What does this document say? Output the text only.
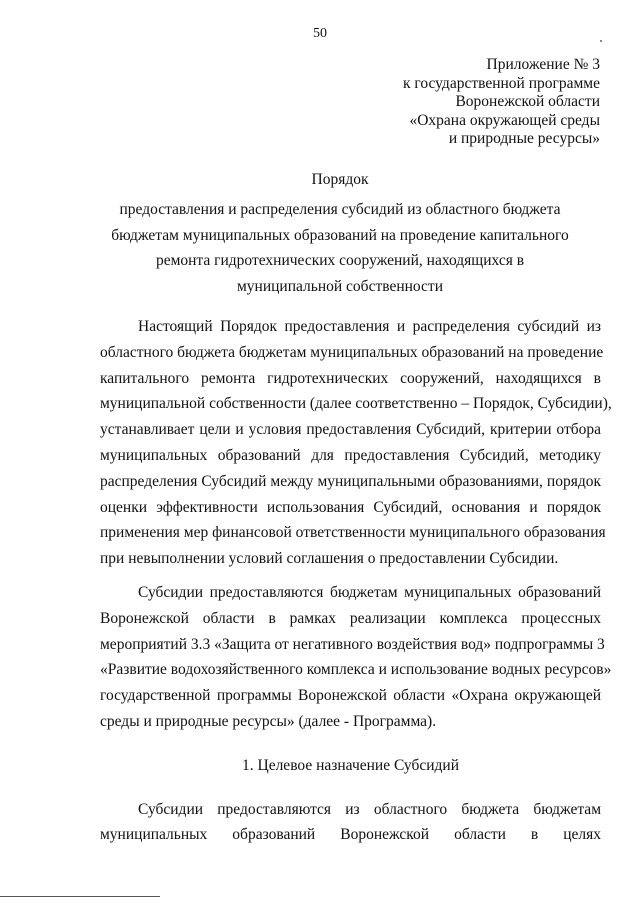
50
Приложение № 3
к государственной программе
Воронежской области
«Охрана окружающей среды
и природные ресурсы»
Порядок
предоставления и распределения субсидий из областного бюджета
бюджетам муниципальных образований на проведение капитального
ремонта гидротехнических сооружений, находящихся в
муниципальной собственности
Настоящий Порядок предоставления и распределения субсидий из
областного бюджета бюджетам муниципальных образований на проведение
капитального ремонта гидротехнических сооружений, находящихся в
муниципальной собственности (далее соответственно – Порядок, Субсидии),
устанавливает цели и условия предоставления Субсидий, критерии отбора
муниципальных образований для предоставления Субсидий, методику
распределения Субсидий между муниципальными образованиями, порядок
оценки эффективности использования Субсидий, основания и порядок
применения мер финансовой ответственности муниципального образования
при невыполнении условий соглашения о предоставлении Субсидии.
Субсидии предоставляются бюджетам муниципальных образований
Воронежской области в рамках реализации комплекса процессных
мероприятий 3.3 «Защита от негативного воздействия вод» подпрограммы 3
«Развитие водохозяйственного комплекса и использование водных ресурсов»
государственной программы Воронежской области «Охрана окружающей
среды и природные ресурсы» (далее - Программа).
1. Целевое назначение Субсидий
Субсидии предоставляются из областного бюджета бюджетам
муниципальных образований Воронежской области в целях
